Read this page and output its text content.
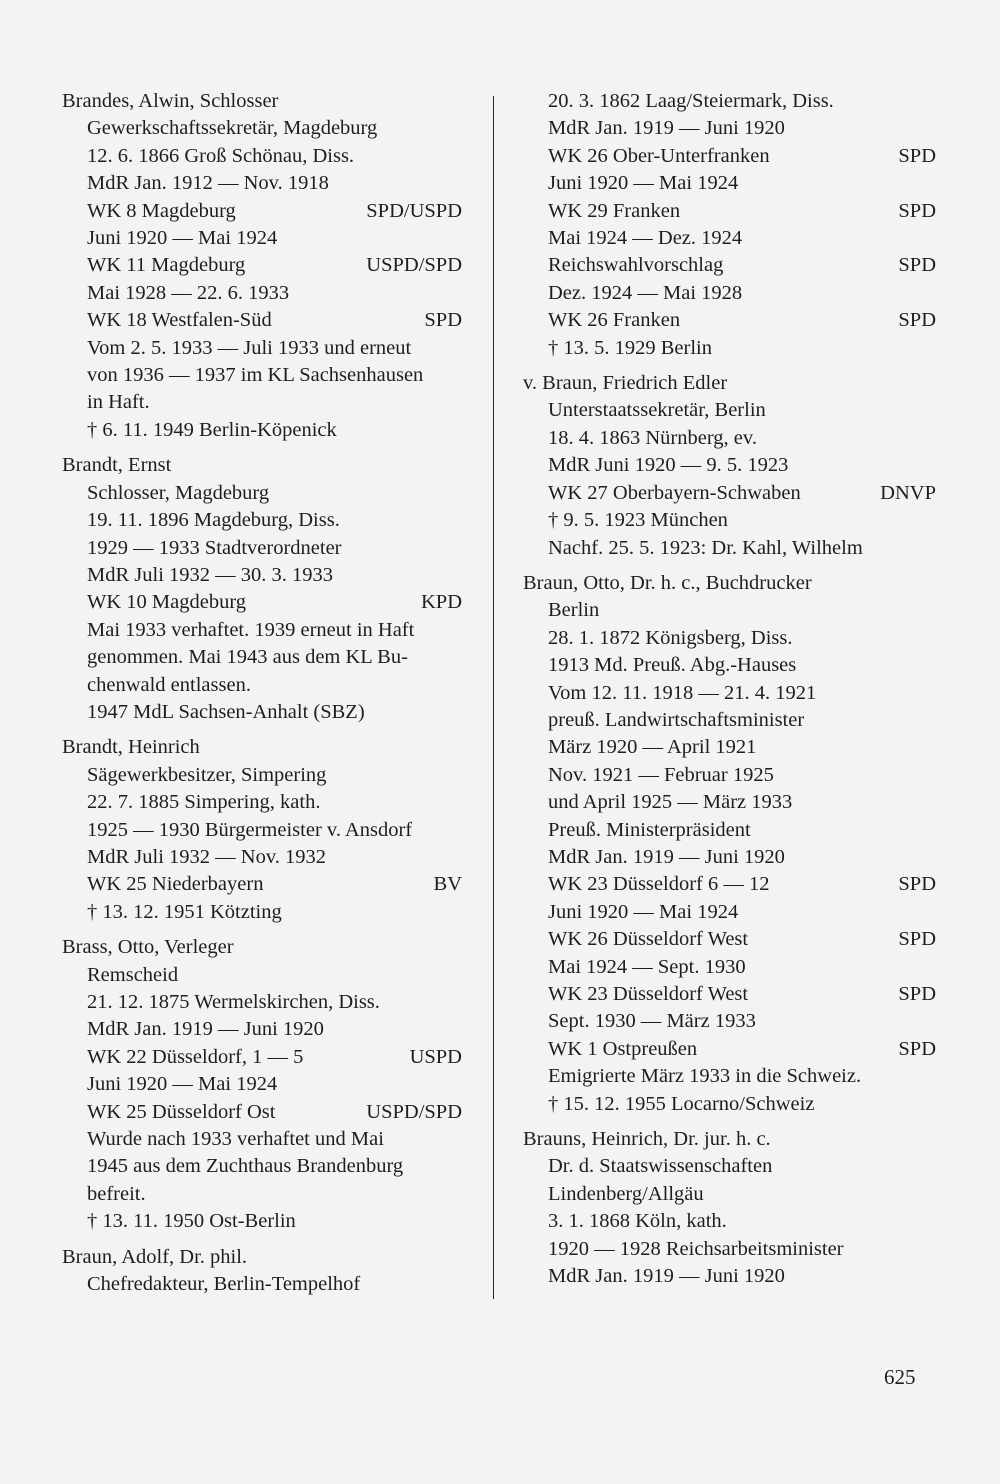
Brandes, Alwin, Schlosser
Gewerkschaftssekretär, Magdeburg
12. 6. 1866 Groß Schönau, Diss.
MdR Jan. 1912 — Nov. 1918
WK 8 Magdeburg	SPD/USPD
Juni 1920 — Mai 1924
WK 11 Magdeburg	USPD/SPD
Mai 1928 — 22. 6. 1933
WK 18 Westfalen-Süd	SPD
Vom 2. 5. 1933 — Juli 1933 und erneut
von 1936 — 1937 im KL Sachsenhausen
in Haft.
† 6. 11. 1949 Berlin-Köpenick
Brandt, Ernst
Schlosser, Magdeburg
19. 11. 1896 Magdeburg, Diss.
1929 — 1933 Stadtverordneter
MdR Juli 1932 — 30. 3. 1933
WK 10 Magdeburg	KPD
Mai 1933 verhaftet. 1939 erneut in Haft
genommen. Mai 1943 aus dem KL Bu-
chenwald entlassen.
1947 MdL Sachsen-Anhalt (SBZ)
Brandt, Heinrich
Sägewerkbesitzer, Simpering
22. 7. 1885 Simpering, kath.
1925 — 1930 Bürgermeister v. Ansdorf
MdR Juli 1932 — Nov. 1932
WK 25 Niederbayern	BV
† 13. 12. 1951 Kötzting
Brass, Otto, Verleger
Remscheid
21. 12. 1875 Wermelskirchen, Diss.
MdR Jan. 1919 — Juni 1920
WK 22 Düsseldorf, 1 — 5	USPD
Juni 1920 — Mai 1924
WK 25 Düsseldorf Ost	USPD/SPD
Wurde nach 1933 verhaftet und Mai
1945 aus dem Zuchthaus Brandenburg
befreit.
† 13. 11. 1950 Ost-Berlin
Braun, Adolf, Dr. phil.
Chefredakteur, Berlin-Tempelhof
20. 3. 1862 Laag/Steiermark, Diss.
MdR Jan. 1919 — Juni 1920
WK 26 Ober-Unterfranken	SPD
Juni 1920 — Mai 1924
WK 29 Franken	SPD
Mai 1924 — Dez. 1924
Reichswahlvorschlag	SPD
Dez. 1924 — Mai 1928
WK 26 Franken	SPD
† 13. 5. 1929 Berlin
v. Braun, Friedrich Edler
Unterstaatssekretär, Berlin
18. 4. 1863 Nürnberg, ev.
MdR Juni 1920 — 9. 5. 1923
WK 27 Oberbayern-Schwaben	DNVP
† 9. 5. 1923 München
Nachf. 25. 5. 1923: Dr. Kahl, Wilhelm
Braun, Otto, Dr. h. c., Buchdrucker
Berlin
28. 1. 1872 Königsberg, Diss.
1913 Md. Preuß. Abg.-Hauses
Vom 12. 11. 1918 — 21. 4. 1921
preuß. Landwirtschaftsminister
März 1920 — April 1921
Nov. 1921 — Februar 1925
und April 1925 — März 1933
Preuß. Ministerpräsident
MdR Jan. 1919 — Juni 1920
WK 23 Düsseldorf 6 — 12	SPD
Juni 1920 — Mai 1924
WK 26 Düsseldorf West	SPD
Mai 1924 — Sept. 1930
WK 23 Düsseldorf West	SPD
Sept. 1930 — März 1933
WK 1 Ostpreußen	SPD
Emigrierte März 1933 in die Schweiz.
† 15. 12. 1955 Locarno/Schweiz
Brauns, Heinrich, Dr. jur. h. c.
Dr. d. Staatswissenschaften
Lindenberg/Allgäu
3. 1. 1868 Köln, kath.
1920 — 1928 Reichsarbeitsminister
MdR Jan. 1919 — Juni 1920
625
